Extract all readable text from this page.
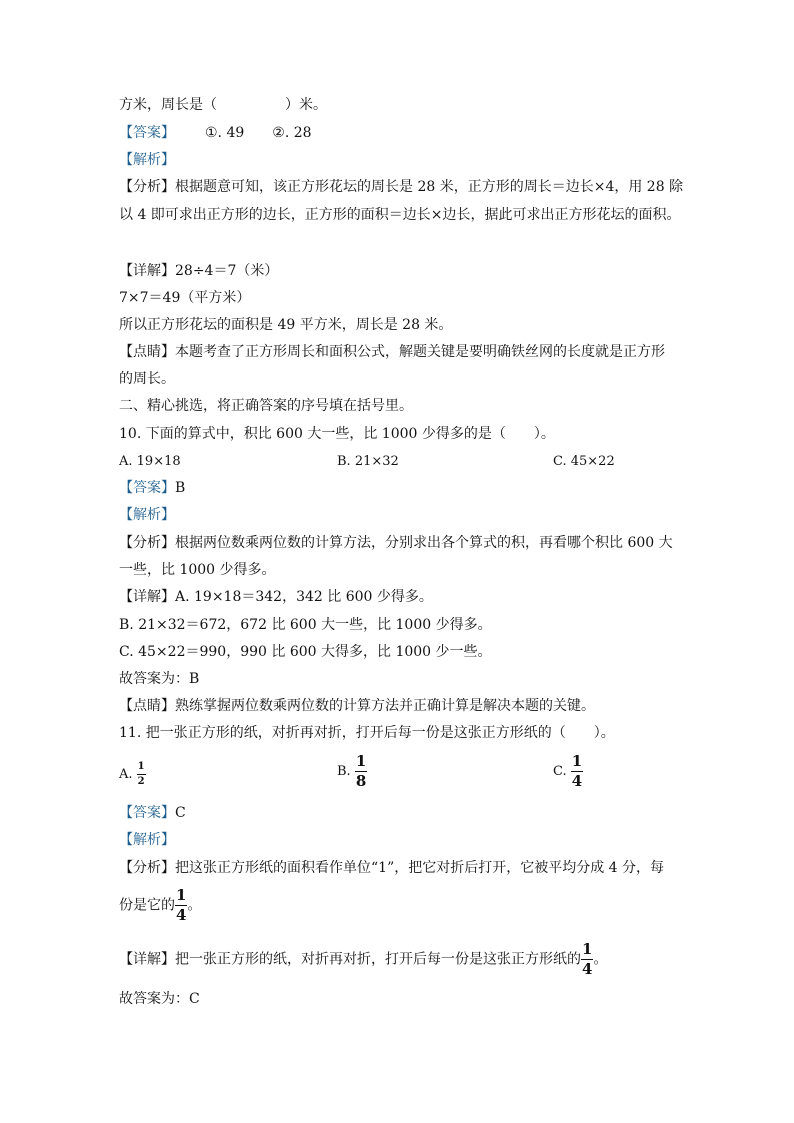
方米，周长是（	）米。
【答案】 ①. 49 ②. 28
【解析】
【分析】根据题意可知，该正方形花坛的周长是 28 米，正方形的周长＝边长×4，用 28 除
以 4 即可求出正方形的边长，正方形的面积＝边长×边长，据此可求出正方形花坛的面积。
【详解】28÷4＝7（米）
7×7＝49（平方米）
所以正方形花坛的面积是 49 平方米，周长是 28 米。
【点睛】本题考查了正方形周长和面积公式，解题关键是要明确铁丝网的长度就是正方形
的周长。
二、精心挑选，将正确答案的序号填在括号里。
10. 下面的算式中，积比 600 大一些，比 1000 少得多的是（　　）。
A. 19×18	B. 21×32	C. 45×22
【答案】B
【解析】
【分析】根据两位数乘两位数的计算方法，分别求出各个算式的积，再看哪个积比 600 大
一些，比 1000 少得多。
【详解】A. 19×18＝342，342 比 600 少得多。
B. 21×32＝672，672 比 600 大一些，比 1000 少得多。
C. 45×22＝990，990 比 600 大得多，比 1000 少一些。
故答案为：B
【点睛】熟练掌握两位数乘两位数的计算方法并正确计算是解决本题的关键。
11. 把一张正方形的纸，对折再对折，打开后每一份是这张正方形纸的（　　）。
A. $\frac{1}{2}$	B. $\frac{1}{8}$	C. $\frac{1}{4}$
【答案】C
【解析】
【分析】把这张正方形纸的面积看作单位“1”，把它对折后打开，它被平均分成 4 分，每
份是它的 $\frac{1}{4}$ 。
【详解】把一张正方形的纸，对折再对折，打开后每一份是这张正方形纸的 $\frac{1}{4}$ 。
故答案为：C
